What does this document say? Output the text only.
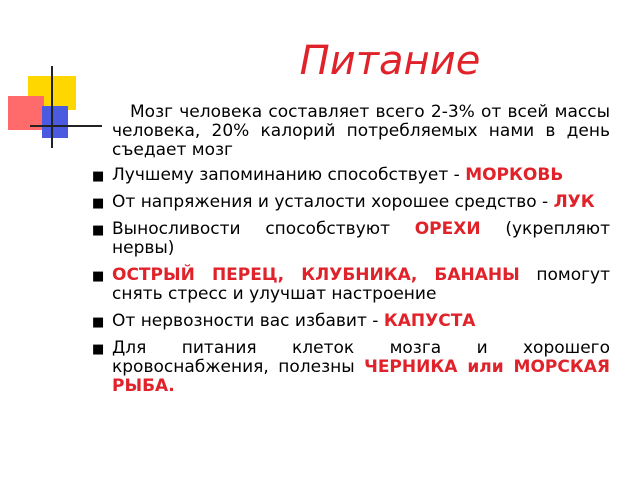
Питание
Мозг человека составляет всего 2-3% от всей массы человека, 20% калорий потребляемых нами в день съедает мозг
■ Лучшему запоминанию способствует - МОРКОВЬ
■ От напряжения и усталости хорошее средство - ЛУК
■ Выносливости способствуют ОРЕХИ (укрепляют нервы)
■ ОСТРЫЙ ПЕРЕЦ, КЛУБНИКА, БАНАНЫ помогут снять стресс и улучшат настроение
■ От нервозности вас избавит - КАПУСТА
■ Для питания клеток мозга и хорошего кровоснабжения, полезны ЧЕРНИКА или МОРСКАЯ РЫБА.
